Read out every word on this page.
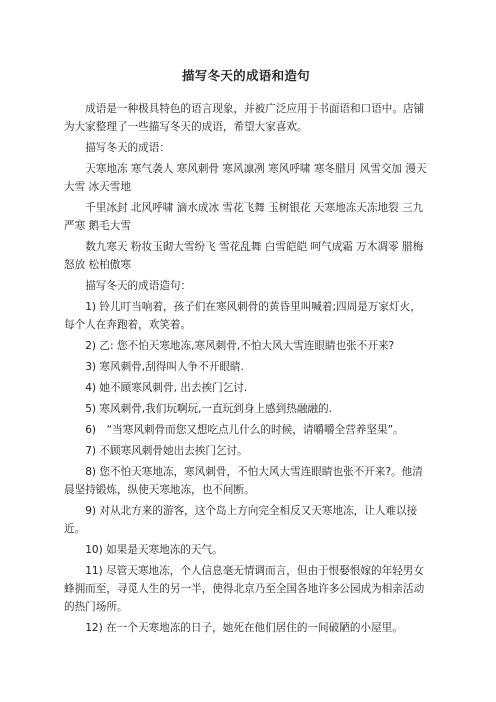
描写冬天的成语和造句

成语是一种极具特色的语言现象，并被广泛应用于书面语和口语中。店铺为大家整理了一些描写冬天的成语，希望大家喜欢。

描写冬天的成语：

天寒地冻 寒气袭人 寒风刺骨 寒风凛冽 寒风呼啸 寒冬腊月 风雪交加 漫天大雪 冰天雪地

千里冰封 北风呼啸 滴水成冰 雪花飞舞 玉树银花 天寒地冻天冻地裂 三九严寒 鹅毛大雪

数九寒天 粉妆玉砌大雪纷飞 雪花乱舞 白雪皑皑 呵气成霜 万木凋零 腊梅怒放 松柏傲寒

描写冬天的成语造句：

1) 铃儿叮当响着，孩子们在寒风刺骨的黄昏里叫喊着;四周是万家灯火，每个人在奔跑着，欢笑着。

2) 乙: 您不怕天寒地冻,寒风刺骨,不怕大风大雪连眼睛也张不开来?

3) 寒风刺骨,刮得叫人争不开眼睛.

4) 她不顾寒风刺骨, 出去挨门乞讨.

5) 寒风刺骨,我们玩啊玩,一直玩到身上感到热融融的.

6)　“当寒风刺骨而您又想吃点儿什么的时候，请嚼嚼全营养坚果”。

7) 不顾寒风刺骨她出去挨门乞讨。

8) 您不怕天寒地冻，寒风刺骨，不怕大风大雪连眼睛也张不开来?。他清晨坚持锻炼，纵使天寒地冻，也不间断。

9) 对从北方来的游客，这个岛上方向完全相反又天寒地冻，让人难以接近。

10) 如果是天寒地冻的天气。

11) 尽管天寒地冻，个人信息毫无情调而言，但由于恨娶恨嫁的年轻男女蜂拥而至，寻觅人生的另一半，使得北京乃至全国各地许多公园成为相亲活动的热门场所。

12) 在一个天寒地冻的日子，她死在他们居住的一间破陋的小屋里。
